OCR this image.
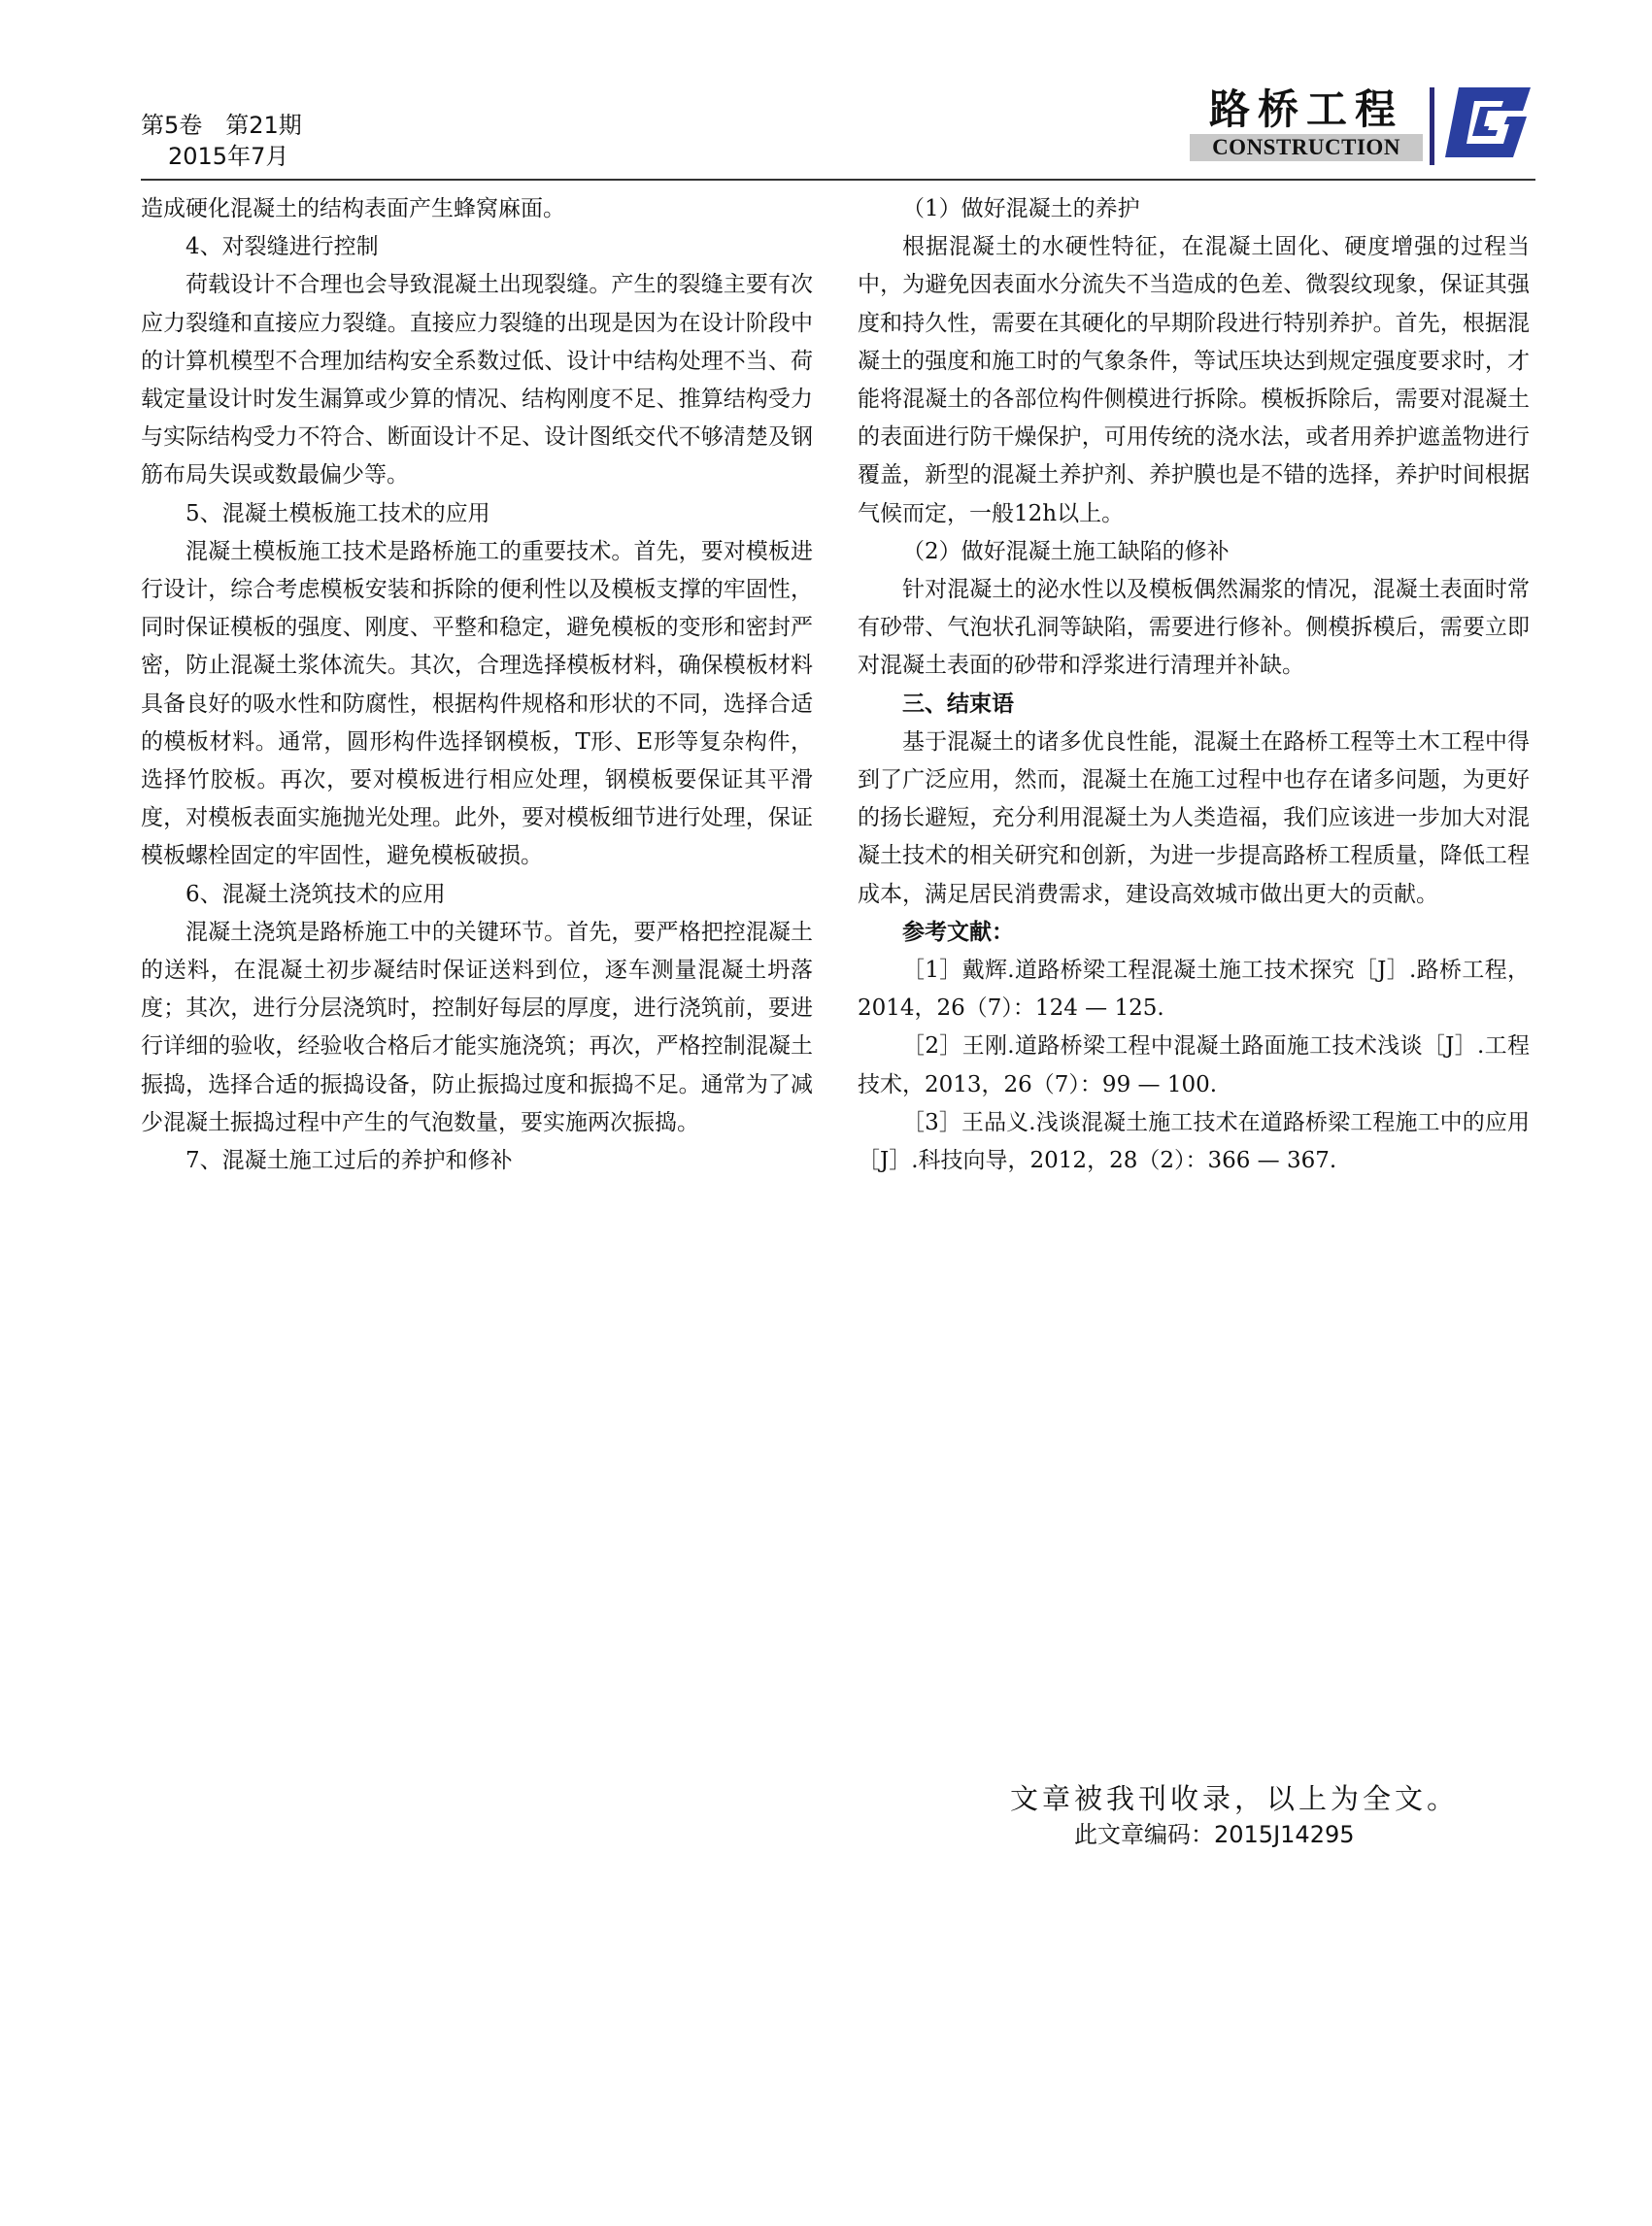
第5卷　第21期
2015年7月
路桥工程
CONSTRUCTION

造成硬化混凝土的结构表面产生蜂窝麻面。

4、对裂缝进行控制

荷载设计不合理也会导致混凝土出现裂缝。产生的裂缝主要有次应力裂缝和直接应力裂缝。直接应力裂缝的出现是因为在设计阶段中的计算机模型不合理加结构安全系数过低、设计中结构处理不当、荷载定量设计时发生漏算或少算的情况、结构刚度不足、推算结构受力与实际结构受力不符合、断面设计不足、设计图纸交代不够清楚及钢筋布局失误或数最偏少等。

5、混凝土模板施工技术的应用

混凝土模板施工技术是路桥施工的重要技术。首先，要对模板进行设计，综合考虑模板安装和拆除的便利性以及模板支撑的牢固性，同时保证模板的强度、刚度、平整和稳定，避免模板的变形和密封严密，防止混凝土浆体流失。其次，合理选择模板材料，确保模板材料具备良好的吸水性和防腐性，根据构件规格和形状的不同，选择合适的模板材料。通常，圆形构件选择钢模板，T形、E形等复杂构件，选择竹胶板。再次，要对模板进行相应处理，钢模板要保证其平滑度，对模板表面实施抛光处理。此外，要对模板细节进行处理，保证模板螺栓固定的牢固性，避免模板破损。

6、混凝土浇筑技术的应用

混凝土浇筑是路桥施工中的关键环节。首先，要严格把控混凝土的送料，在混凝土初步凝结时保证送料到位，逐车测量混凝土坍落度；其次，进行分层浇筑时，控制好每层的厚度，进行浇筑前，要进行详细的验收，经验收合格后才能实施浇筑；再次，严格控制混凝土振捣，选择合适的振捣设备，防止振捣过度和振捣不足。通常为了减少混凝土振捣过程中产生的气泡数量，要实施两次振捣。

7、混凝土施工过后的养护和修补

（1）做好混凝土的养护

根据混凝土的水硬性特征，在混凝土固化、硬度增强的过程当中，为避免因表面水分流失不当造成的色差、微裂纹现象，保证其强度和持久性，需要在其硬化的早期阶段进行特别养护。首先，根据混凝土的强度和施工时的气象条件，等试压块达到规定强度要求时，才能将混凝土的各部位构件侧模进行拆除。模板拆除后，需要对混凝土的表面进行防干燥保护，可用传统的浇水法，或者用养护遮盖物进行覆盖，新型的混凝土养护剂、养护膜也是不错的选择，养护时间根据气候而定，一般12h以上。

（2）做好混凝土施工缺陷的修补

针对混凝土的泌水性以及模板偶然漏浆的情况，混凝土表面时常有砂带、气泡状孔洞等缺陷，需要进行修补。侧模拆模后，需要立即对混凝土表面的砂带和浮浆进行清理并补缺。

三、结束语

基于混凝土的诸多优良性能，混凝土在路桥工程等土木工程中得到了广泛应用，然而，混凝土在施工过程中也存在诸多问题，为更好的扬长避短，充分利用混凝土为人类造福，我们应该进一步加大对混凝土技术的相关研究和创新，为进一步提高路桥工程质量，降低工程成本，满足居民消费需求，建设高效城市做出更大的贡献。

参考文献：

［1］戴辉.道路桥梁工程混凝土施工技术探究［J］.路桥工程，2014，26（7）：124 — 125.

［2］王刚.道路桥梁工程中混凝土路面施工技术浅谈［J］.工程技术，2013，26（7）：99 — 100.

［3］王品义.浅谈混凝土施工技术在道路桥梁工程施工中的应用［J］.科技向导，2012，28（2）：366 — 367.

文章被我刊收录，以上为全文。
此文章编码：2015J14295
